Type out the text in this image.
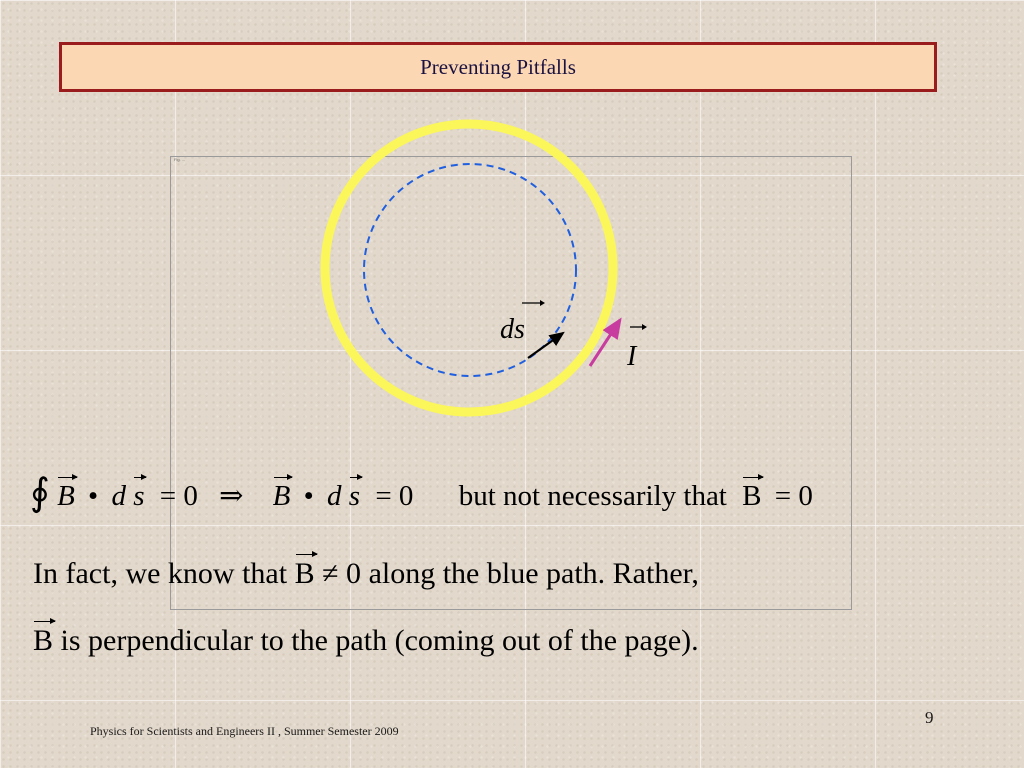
Preventing Pitfalls
Fig. ...
ds
I
∮ B • d s = 0 ⇒ B • d s = 0 but not necessarily that B = 0
In fact, we know that B ≠ 0 along the blue path. Rather,
B is perpendicular to the path (coming out of the page).
Physics for Scientists and Engineers II , Summer Semester 2009
9
